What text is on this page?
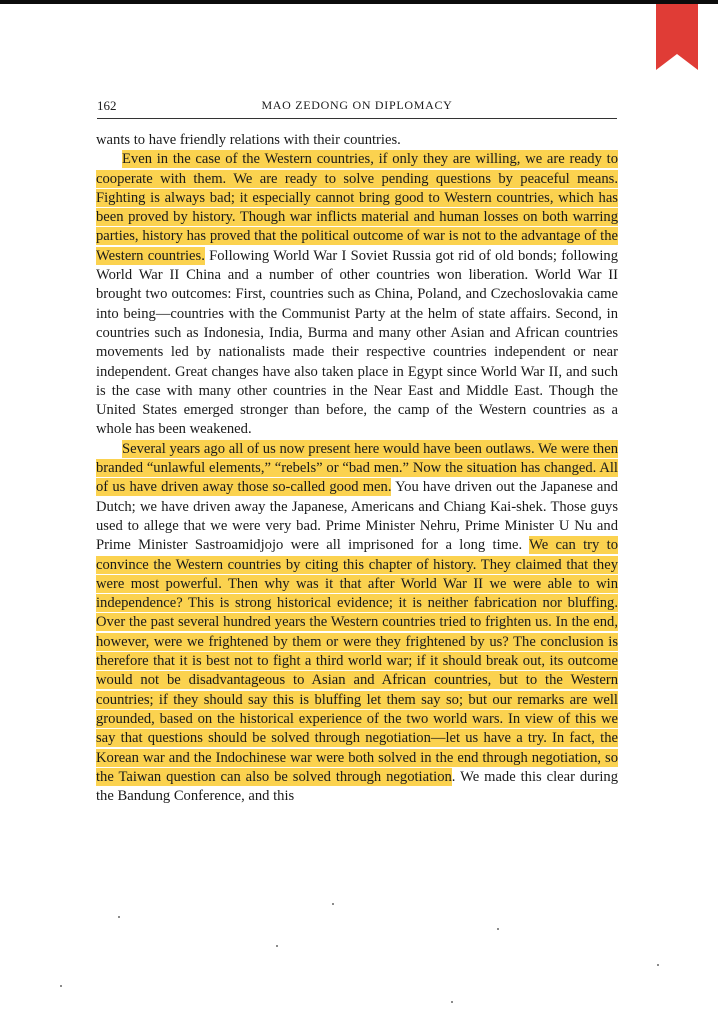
162	MAO ZEDONG ON DIPLOMACY

wants to have friendly relations with their countries.

Even in the case of the Western countries, if only they are willing, we are ready to cooperate with them. We are ready to solve pending questions by peaceful means. Fighting is always bad; it especially cannot bring good to Western countries, which has been proved by history. Though war inflicts material and human losses on both warring parties, history has proved that the political outcome of war is not to the advantage of the Western countries. Following World War I Soviet Russia got rid of old bonds; following World War II China and a number of other countries won liberation. World War II brought two outcomes: First, countries such as China, Poland, and Czechoslovakia came into being—countries with the Communist Party at the helm of state affairs. Second, in countries such as Indonesia, India, Burma and many other Asian and African countries movements led by nationalists made their respective countries independent or near independent. Great changes have also taken place in Egypt since World War II, and such is the case with many other countries in the Near East and Middle East. Though the United States emerged stronger than before, the camp of the Western countries as a whole has been weakened.

Several years ago all of us now present here would have been outlaws. We were then branded “unlawful elements,” “rebels” or “bad men.” Now the situation has changed. All of us have driven away those so-called good men. You have driven out the Japanese and Dutch; we have driven away the Japanese, Americans and Chiang Kai-shek. Those guys used to allege that we were very bad. Prime Minister Nehru, Prime Minister U Nu and Prime Minister Sastroamidjojo were all imprisoned for a long time. We can try to convince the Western countries by citing this chapter of history. They claimed that they were most powerful. Then why was it that after World War II we were able to win independence? This is strong historical evidence; it is neither fabrication nor bluffing. Over the past several hundred years the Western countries tried to frighten us. In the end, however, were we frightened by them or were they frightened by us? The conclusion is therefore that it is best not to fight a third world war; if it should break out, its outcome would not be disadvantageous to Asian and African countries, but to the Western countries; if they should say this is bluffing let them say so; but our remarks are well grounded, based on the historical experience of the two world wars. In view of this we say that questions should be solved through negotiation—let us have a try. In fact, the Korean war and the Indochinese war were both solved in the end through negotiation, so the Taiwan question can also be solved through negotiation. We made this clear during the Bandung Conference, and this
